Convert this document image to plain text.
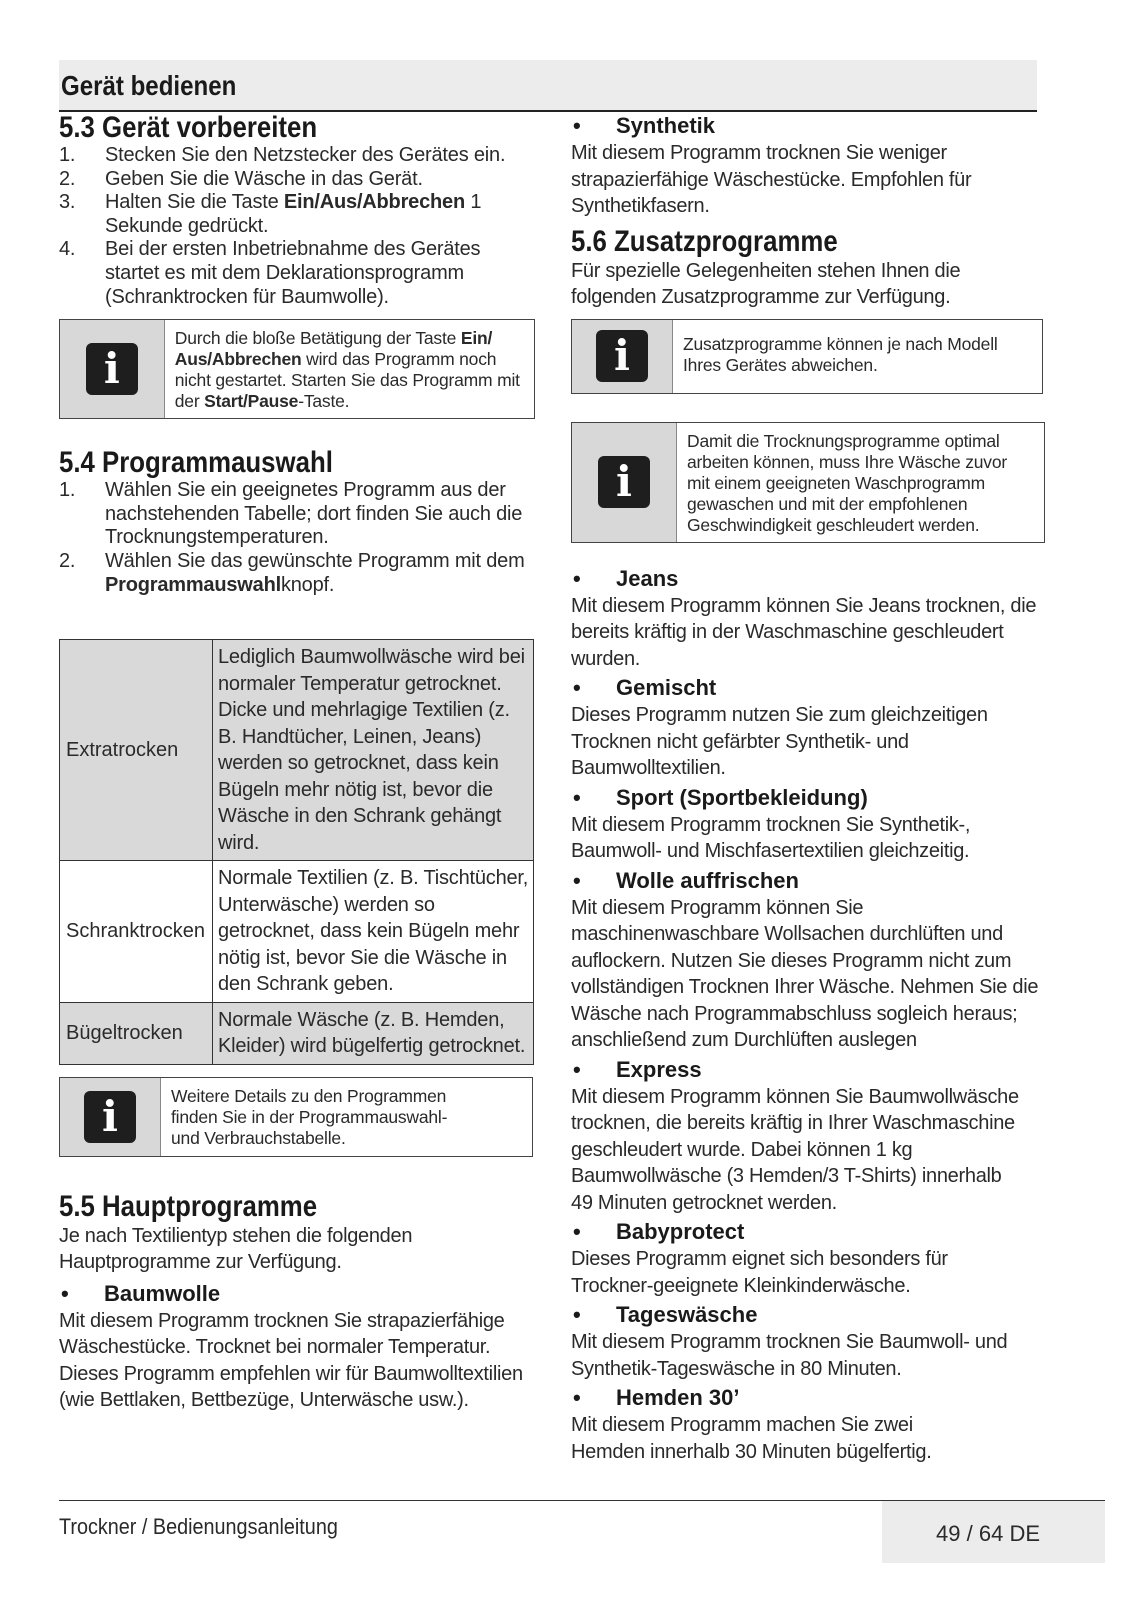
Gerät bedienen
5.3 Gerät vorbereiten
1. Stecken Sie den Netzstecker des Gerätes ein.
2. Geben Sie die Wäsche in das Gerät.
3. Halten Sie die Taste Ein/Aus/Abbrechen 1 Sekunde gedrückt.
4. Bei der ersten Inbetriebnahme des Gerätes startet es mit dem Deklarationsprogramm (Schranktrocken für Baumwolle).
i
Durch die bloße Betätigung der Taste Ein/ Aus/Abbrechen wird das Programm noch nicht gestartet. Starten Sie das Programm mit der Start/Pause-Taste.
5.4 Programmauswahl
1. Wählen Sie ein geeignetes Programm aus der nachstehenden Tabelle; dort finden Sie auch die Trocknungstemperaturen.
2. Wählen Sie das gewünschte Programm mit dem Programmauswahlknopf.
Extratrocken	Lediglich Baumwollwäsche wird bei normaler Temperatur getrocknet. Dicke und mehrlagige Textilien (z. B. Handtücher, Leinen, Jeans) werden so getrocknet, dass kein Bügeln mehr nötig ist, bevor die Wäsche in den Schrank gehängt wird.
Schranktrocken	Normale Textilien (z. B. Tischtücher, Unterwäsche) werden so getrocknet, dass kein Bügeln mehr nötig ist, bevor Sie die Wäsche in den Schrank geben.
Bügeltrocken	Normale Wäsche (z. B. Hemden, Kleider) wird bügelfertig getrocknet.
i	Weitere Details zu den Programmen finden Sie in der Programmauswahl- und Verbrauchstabelle.
5.5 Hauptprogramme
Je nach Textilientyp stehen die folgenden Hauptprogramme zur Verfügung.
• Baumwolle
Mit diesem Programm trocknen Sie strapazierfähige Wäschestücke. Trocknet bei normaler Temperatur. Dieses Programm empfehlen wir für Baumwolltextilien (wie Bettlaken, Bettbezüge, Unterwäsche usw.).
• Synthetik
Mit diesem Programm trocknen Sie weniger strapazierfähige Wäschestücke. Empfohlen für Synthetikfasern.
5.6 Zusatzprogramme
Für spezielle Gelegenheiten stehen Ihnen die folgenden Zusatzprogramme zur Verfügung.
i	Zusatzprogramme können je nach Modell Ihres Gerätes abweichen.
i
Damit die Trocknungsprogramme optimal arbeiten können, muss Ihre Wäsche zuvor mit einem geeigneten Waschprogramm gewaschen und mit der empfohlenen Geschwindigkeit geschleudert werden.
• Jeans
Mit diesem Programm können Sie Jeans trocknen, die bereits kräftig in der Waschmaschine geschleudert wurden.
• Gemischt
Dieses Programm nutzen Sie zum gleichzeitigen Trocknen nicht gefärbter Synthetik- und Baumwolltextilien.
• Sport (Sportbekleidung)
Mit diesem Programm trocknen Sie Synthetik-, Baumwoll- und Mischfasertextilien gleichzeitig.
• Wolle auffrischen
Mit diesem Programm können Sie maschinenwaschbare Wollsachen durchlüften und auflockern. Nutzen Sie dieses Programm nicht zum vollständigen Trocknen Ihrer Wäsche. Nehmen Sie die Wäsche nach Programmabschluss sogleich heraus; anschließend zum Durchlüften auslegen
• Express
Mit diesem Programm können Sie Baumwollwäsche trocknen, die bereits kräftig in Ihrer Waschmaschine geschleudert wurde. Dabei können 1 kg Baumwollwäsche (3 Hemden/3 T-Shirts) innerhalb 49 Minuten getrocknet werden.
• Babyprotect
Dieses Programm eignet sich besonders für Trockner-geeignete Kleinkinderwäsche.
• Tageswäsche
Mit diesem Programm trocknen Sie Baumwoll- und Synthetik-Tageswäsche in 80 Minuten.
• Hemden 30’
Mit diesem Programm machen Sie zwei Hemden innerhalb 30 Minuten bügelfertig.
Trockner / Bedienungsanleitung	49 / 64 DE
